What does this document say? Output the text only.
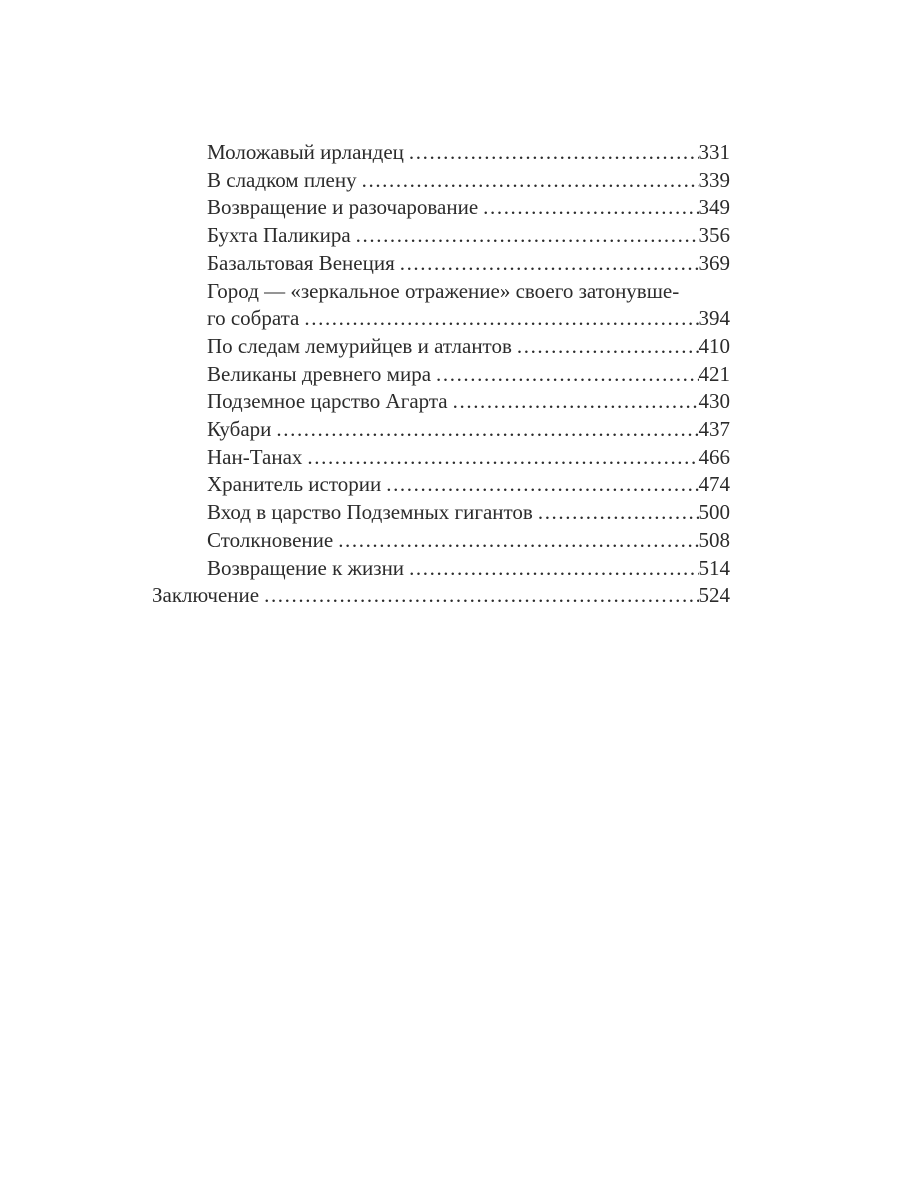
Моложавый ирландец .....	331
В сладком плену .....	339
Возвращение и разочарование .....	349
Бухта Паликира .....	356
Базальтовая Венеция .....	369
Город — «зеркальное отражение» своего затонувше-
го собрата .....	394
По следам лемурийцев и атлантов .....	410
Великаны древнего мира .....	421
Подземное царство Агарта .....	430
Кубари .....	437
Нан-Танах .....	466
Хранитель истории .....	474
Вход в царство Подземных гигантов .....	500
Столкновение .....	508
Возвращение к жизни .....	514
Заключение .....	524
